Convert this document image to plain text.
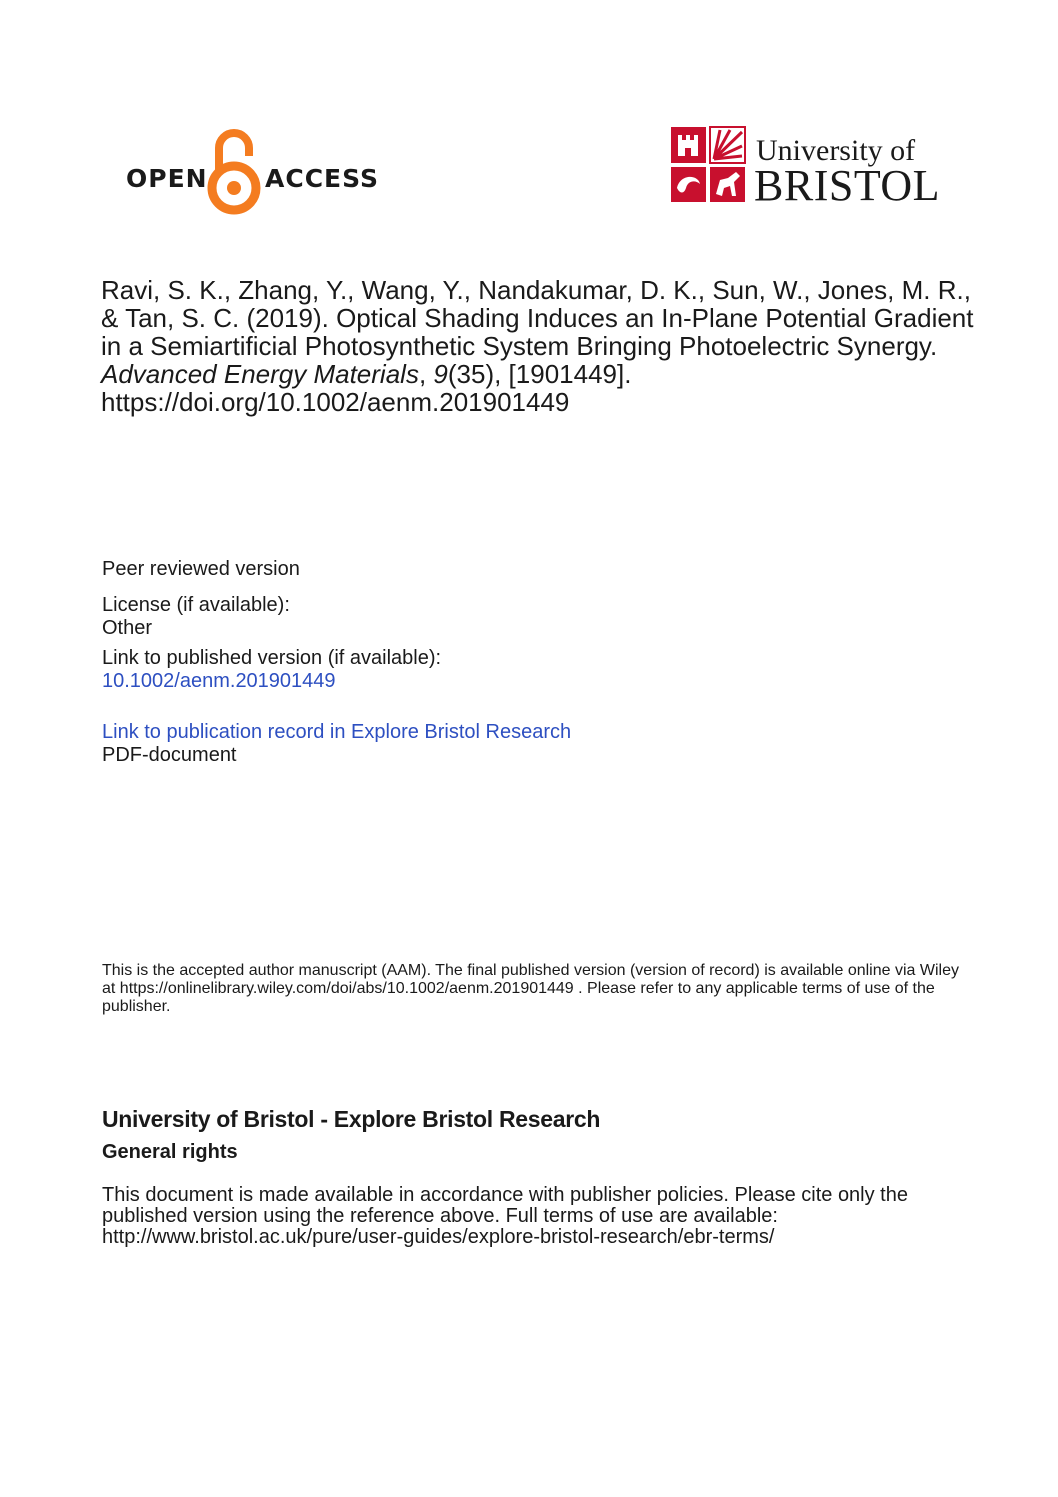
OPEN ACCESS
University of
BRISTOL
Ravi, S. K., Zhang, Y., Wang, Y., Nandakumar, D. K., Sun, W., Jones, M. R., & Tan, S. C. (2019). Optical Shading Induces an In-Plane Potential Gradient in a Semiartificial Photosynthetic System Bringing Photoelectric Synergy. Advanced Energy Materials, 9(35), [1901449]. https://doi.org/10.1002/aenm.201901449
Peer reviewed version
License (if available):
Other
Link to published version (if available):
10.1002/aenm.201901449
Link to publication record in Explore Bristol Research
PDF-document
This is the accepted author manuscript (AAM). The final published version (version of record) is available online via Wiley at https://onlinelibrary.wiley.com/doi/abs/10.1002/aenm.201901449 . Please refer to any applicable terms of use of the publisher.
University of Bristol - Explore Bristol Research
General rights
This document is made available in accordance with publisher policies. Please cite only the published version using the reference above. Full terms of use are available: http://www.bristol.ac.uk/pure/user-guides/explore-bristol-research/ebr-terms/
